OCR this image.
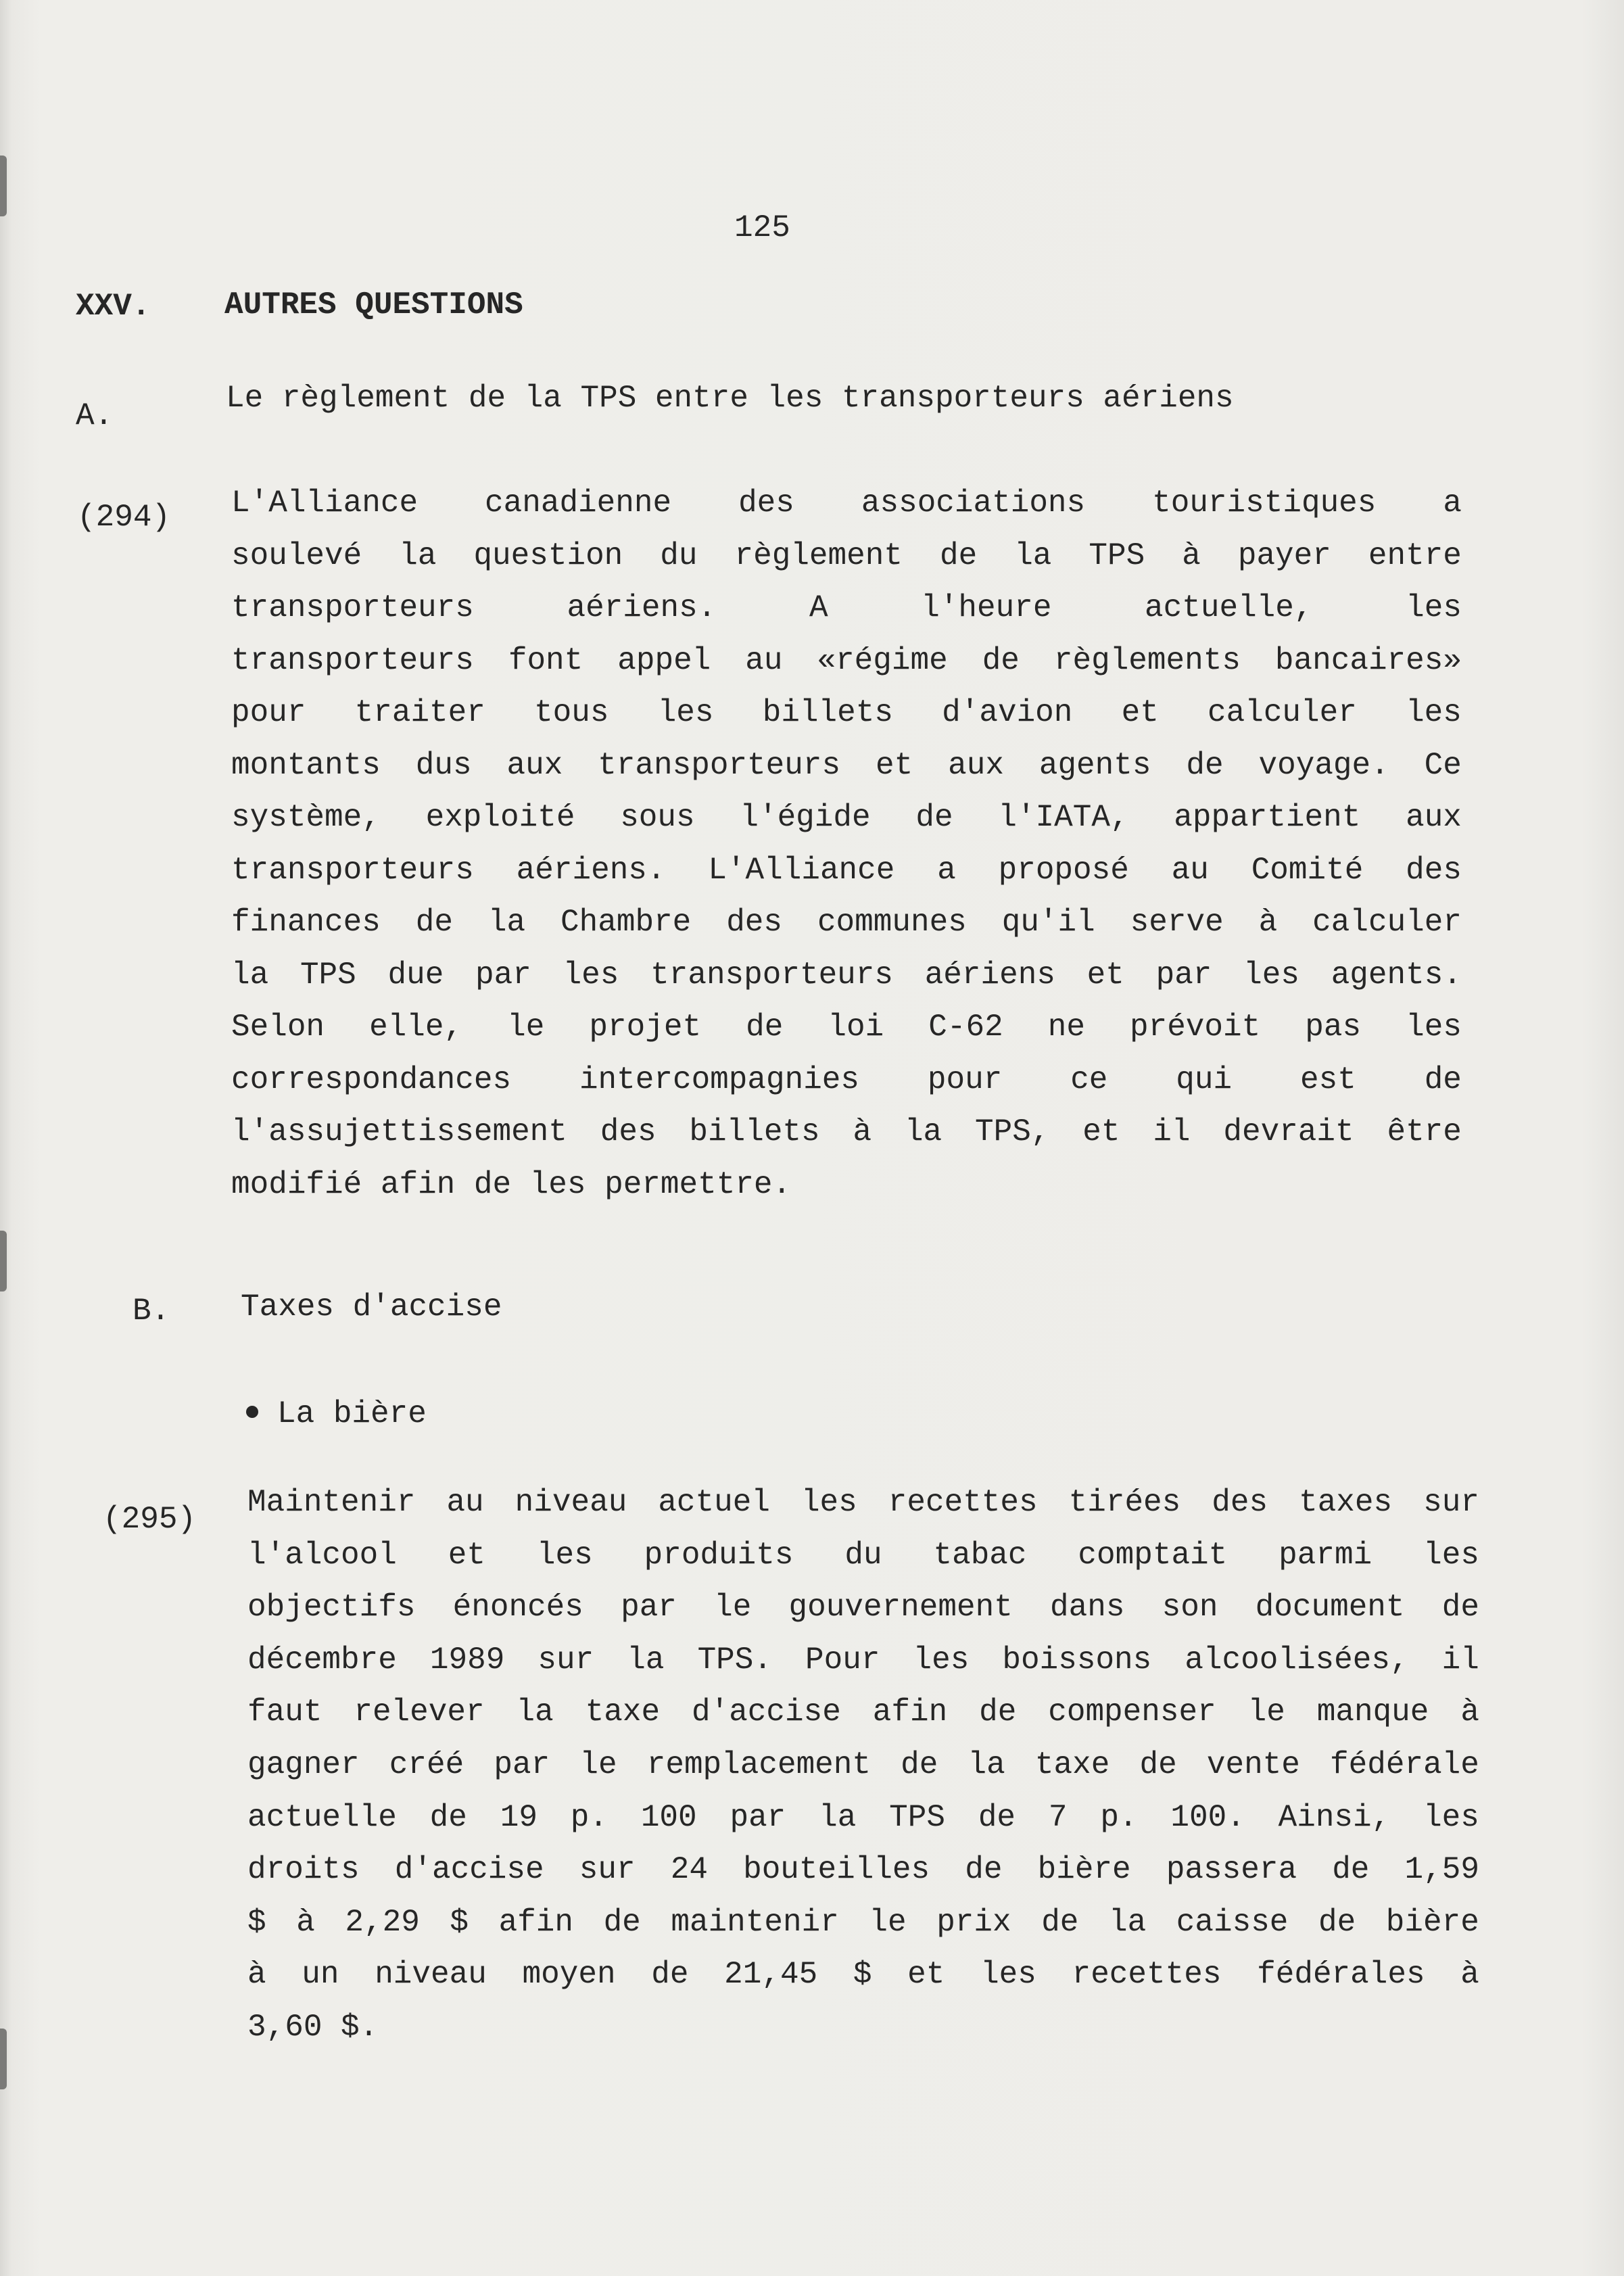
125
XXV. AUTRES QUESTIONS
A.	Le règlement de la TPS entre les transporteurs aériens
(294) L'Alliance canadienne des associations touristiques a
soulevé la question du règlement de la TPS à payer entre
transporteurs	aériens.	A	l'heure	actuelle,	les
transporteurs font appel au «régime de règlements bancaires»
pour traiter tous les billets d'avion et calculer les
montants dus aux transporteurs et aux agents de voyage. Ce
système, exploité sous l'égide de l'IATA, appartient aux
transporteurs aériens. L'Alliance a proposé au Comité des
finances de la Chambre des communes qu'il serve à calculer
la TPS due par les transporteurs aériens et par les agents.
Selon elle, le projet de loi C-62 ne prévoit pas les
correspondances intercompagnies pour ce qui est de
l'assujettissement des billets à la TPS, et il devrait être
modifié afin de les permettre.
B. Taxes d'accise
La bière
(295) Maintenir au niveau actuel les recettes tirées des taxes sur
l'alcool et les produits du tabac comptait parmi les
objectifs énoncés par le gouvernement dans son document de
décembre 1989 sur la TPS. Pour les boissons alcoolisées, il
faut relever la taxe d'accise afin de compenser le manque à
gagner créé par le remplacement de la taxe de vente fédérale
actuelle de 19 p. 100 par la TPS de 7 p. 100. Ainsi, les
droits d'accise sur 24 bouteilles de bière passera de 1,59
$ à 2,29 $ afin de maintenir le prix de la caisse de bière
à un niveau moyen de 21,45 $ et les recettes fédérales à
3,60 $.
